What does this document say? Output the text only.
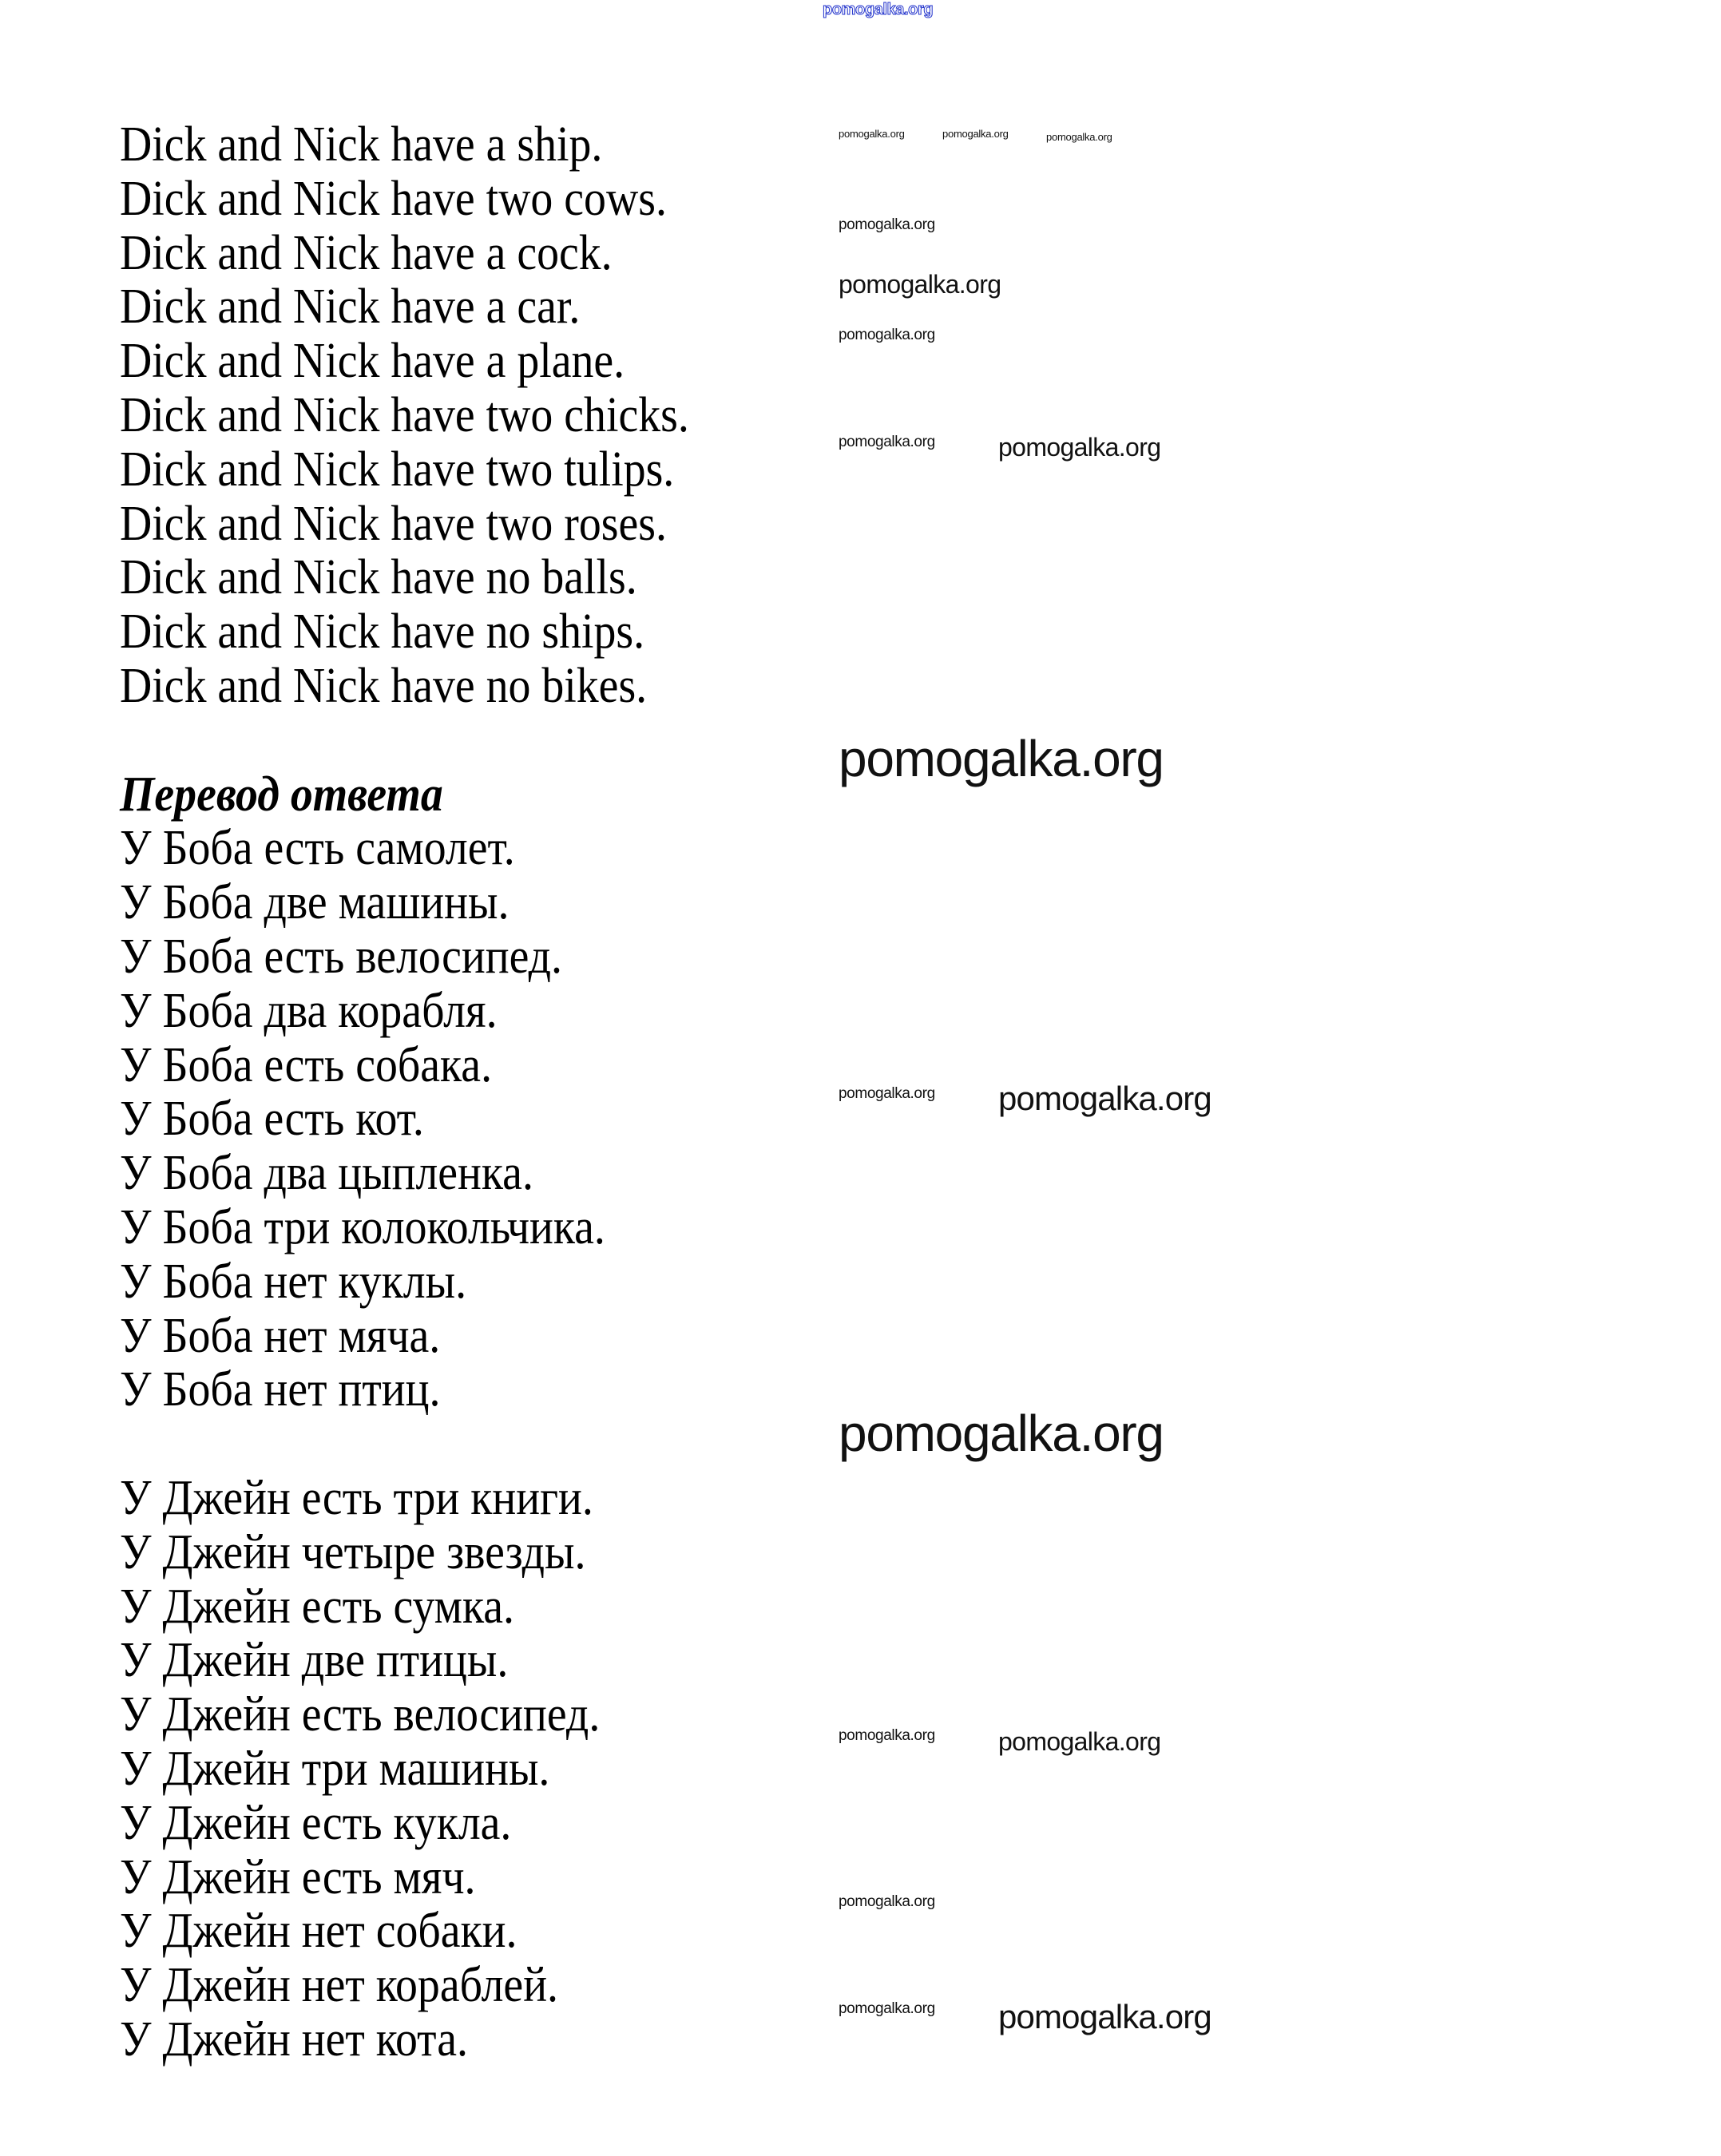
Dick and Nick have a ship.
Dick and Nick have two cows.
Dick and Nick have a cock.
Dick and Nick have a car.
Dick and Nick have a plane.
Dick and Nick have two chicks.
Dick and Nick have two tulips.
Dick and Nick have two roses.
Dick and Nick have no balls.
Dick and Nick have no ships.
Dick and Nick have no bikes.
Перевод ответа
У Боба есть самолет.
У Боба две машины.
У Боба есть велосипед.
У Боба два корабля.
У Боба есть собака.
У Боба есть кот.
У Боба два цыпленка.
У Боба три колокольчика.
У Боба нет куклы.
У Боба нет мяча.
У Боба нет птиц.
У Джейн есть три книги.
У Джейн четыре звезды.
У Джейн есть сумка.
У Джейн две птицы.
У Джейн есть велосипед.
У Джейн три машины.
У Джейн есть кукла.
У Джейн есть мяч.
У Джейн нет собаки.
У Джейн нет кораблей.
У Джейн нет кота.
pomogalka.org
pomogalka.org	pomogalka.org	pomogalka.org
pomogalka.org
pomogalka.org
pomogalka.org
pomogalka.org pomogalka.org
pomogalka.org
pomogalka.org pomogalka.org
pomogalka.org
pomogalka.org pomogalka.org
pomogalka.org
pomogalka.org pomogalka.org
